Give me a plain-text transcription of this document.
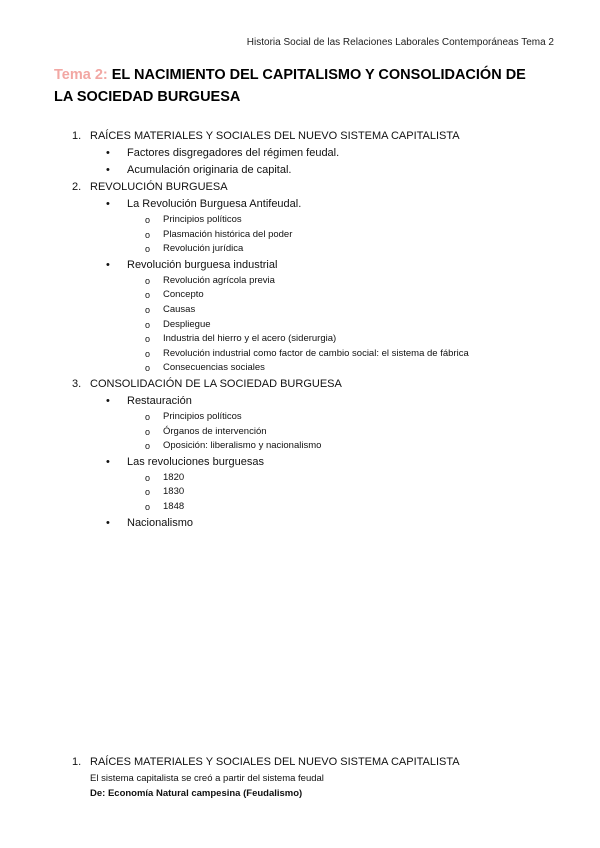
Historia Social de las Relaciones Laborales Contemporáneas Tema 2
Tema 2: EL NACIMIENTO DEL CAPITALISMO Y CONSOLIDACIÓN DE LA SOCIEDAD BURGUESA
1. RAÍCES MATERIALES Y SOCIALES DEL NUEVO SISTEMA CAPITALISTA
• Factores disgregadores del régimen feudal.
• Acumulación originaria de capital.
2. REVOLUCIÓN BURGUESA
• La Revolución Burguesa Antifeudal.
o Principios políticos
o Plasmación histórica del poder
o Revolución jurídica
• Revolución burguesa industrial
o Revolución agrícola previa
o Concepto
o Causas
o Despliegue
o Industria del hierro y el acero (siderurgia)
o Revolución industrial como factor de cambio social: el sistema de fábrica
o Consecuencias sociales
3. CONSOLIDACIÓN DE LA SOCIEDAD BURGUESA
• Restauración
o Principios políticos
o Órganos de intervención
o Oposición: liberalismo y nacionalismo
• Las revoluciones burguesas
o 1820
o 1830
o 1848
• Nacionalismo
1. RAÍCES MATERIALES Y SOCIALES DEL NUEVO SISTEMA CAPITALISTA
El sistema capitalista se creó a partir del sistema feudal
De: Economía Natural campesina (Feudalismo)
